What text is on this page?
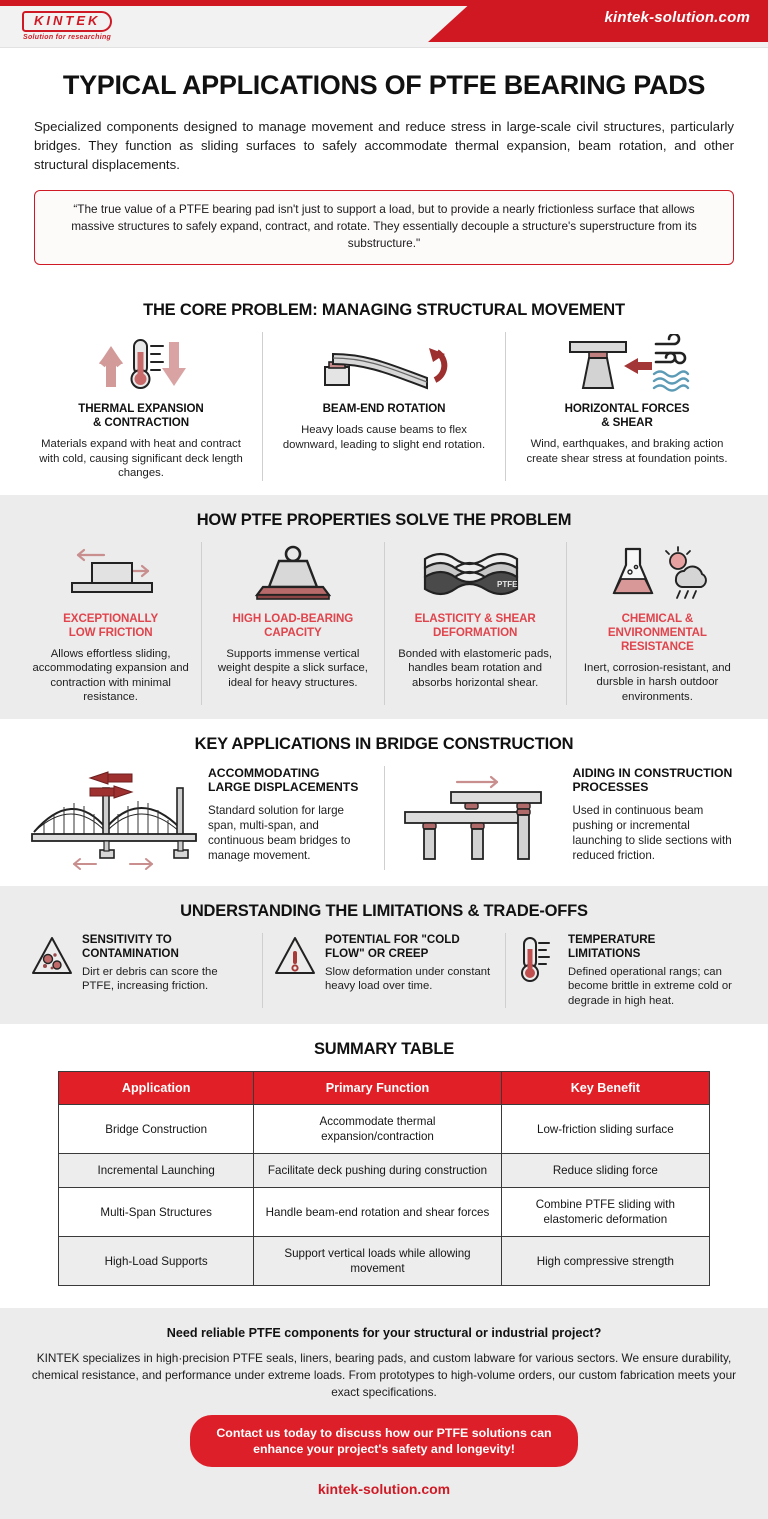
KINTEK
Solution for researching
kintek-solution.com
TYPICAL APPLICATIONS OF PTFE BEARING PADS

Specialized components designed to manage movement and reduce stress in large-scale civil structures, particularly bridges. They function as sliding surfaces to safely accommodate thermal expansion, beam rotation, and other structural displacements.

“The true value of a PTFE bearing pad isn't just to support a load, but to provide a nearly frictionless surface that allows massive structures to safely expand, contract, and rotate. They essentially decouple a structure's superstructure from its substructure."
THE CORE PROBLEM: MANAGING STRUCTURAL MOVEMENT
THERMAL EXPANSION
& CONTRACTION

Materials expand with heat and contract with cold, causing significant deck length changes.

BEAM-END ROTATION

Heavy loads cause beams to flex downward, leading to slight end rotation.

HORIZONTAL FORCES
& SHEAR

Wind, earthquakes, and braking action create shear stress at foundation points.

HOW PTFE PROPERTIES SOLVE THE PROBLEM
EXCEPTIONALLY
LOW FRICTION

Allows effortless sliding, accommodating expansion and contraction with minimal resistance.

HIGH LOAD-BEARING
CAPACITY

Supports immense vertical weight despite a slick surface, ideal for heavy structures.

PTFE
ELASTICITY & SHEAR
DEFORMATION

Bonded with elastomeric pads, handles beam rotation and absorbs horizontal shear.

CHEMICAL &
ENVIRONMENTAL
RESISTANCE

Inert, corrosion-resistant, and dursble in harsh outdoor environments.

KEY APPLICATIONS IN BRIDGE CONSTRUCTION
ACCOMMODATING
LARGE DISPLACEMENTS

Standard solution for large span, multi-span, and continuous beam bridges to manage movement.

AIDING IN CONSTRUCTION
PROCESSES

Used in continuous beam pushing or incremental launching to slide sections with reduced friction.

UNDERSTANDING THE LIMITATIONS & TRADE-OFFS
SENSITIVITY TO
CONTAMINATION

Dirt er debris can score the PTFE, increasing friction.

POTENTIAL FOR "COLD
FLOW" OR CREEP

Slow deformation under constant heavy load over time.

TEMPERATURE
LIMITATIONS

Defined operational rangs; can become brittle in extreme cold or degrade in high heat.

SUMMARY TABLE
Application	Primary Function	Key Benefit
Bridge Construction	Accommodate thermal expansion/contraction	Low-friction sliding surface
Incremental Launching	Facilitate deck pushing during construction	Reduce sliding force
Multi-Span Structures	Handle beam-end rotation and shear forces	Combine PTFE sliding with elastomeric deformation
High-Load Supports	Support vertical loads while allowing movement	High compressive strength
Need reliable PTFE components for your structural or industrial project?
KINTEK specializes in high·precision PTFE seals, liners, bearing pads, and custom labware for various sectors. We ensure durability, chemical resistance, and performance under extreme loads. From prototypes to high-volume orders, our custom fabrication meets your exact specifications.
Contact us today to discuss how our PTFE solutions can
enhance your project's safety and longevity!
kintek-solution.com
